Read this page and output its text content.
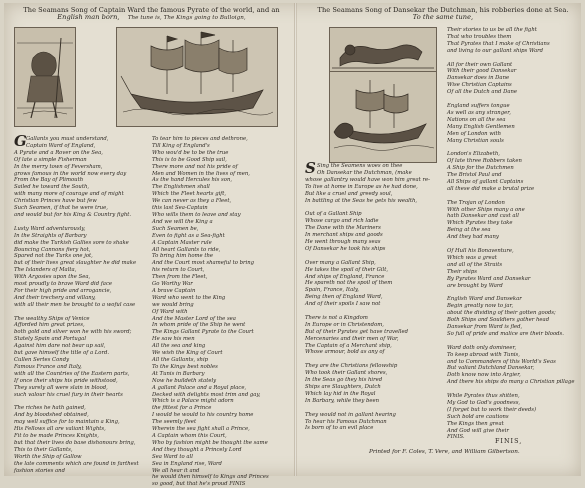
The Seamans Song of Captain Ward the famous Pyrate of the world, and an
English man born, The tune is, The Kings going to Bulloign,
G Gallants you must understand,
Captain Ward of England,
A Pyrate and a Rover on the Sea,
Of late a simple Fisherman
In the merry town of Feversham,
grows famous in the world now every day
From the Bay of Plimouth
Sailed he toward the South,
with many more of courage and of might
Christian Princes have but few
Such Seamen, if that he were true,
and would but for his King & Country fight.

Lusty Ward adventurously,
In the Straights of Barbary
did make the Turkish Gallies sore to shake
Bouncing Cannons fiery hot,
Spared not the Turks one jot,
but of their lives great slaughter he did make
The Islanders of Malta,
With Argosies upon the Sea,
most proudly to brave Ward did face
For their high pride and arrogancie,
And their trechery and villany,
with all their men he brought to a woful case

The wealthy Ships of Venice
Afforded him great prizes,
both gold and silver won he with his sword;
Stately Spain and Portugal
Against him dare not bear up sail,
but gave himself the title of a Lord.
Cullen Sertes Condy
Famous France and Italy,
with all the Countries of the Eastern parts,
If once their ships his pride withstood,
They surely all were slain in blood,
such valour his cruel fury in their hearts

The riches he hath gained,
And by bloodshed obtained,
may well suffice for to maintain a King,
His Fellows all are valiant Wights,
Fit to be made Princes Knights,
but that their lives do base dishonours bring,
This to their Gallants,
Worth the Ship of Gallow
the late comments which are found in farthest
fashion stories and
To tear him to pieces and dethrone,
Till King of England's
Who wou'd be to be the true
This is to be Good Ship sail,
There more and not his pride of
Men and Women in the lives of men,
As the hand Hercules his son,
The Englishmen shall
Which the Fleet hearts gift,
We can never as they a Fleet,
this last Sea-Captain
Who wills them to leave and stay
And we will the King a
Such Seamen be,
Even to fight as a Sea-fight
A Captain Master rule
All heart Gallants to ride,
To bring him home the
And the Court most shameful to bring
his return to Court,
Then from the Fleet,
Go Worthy War
A brave Captain
Ward who went to the King
we would bring
Of Ward with
And the Master Lord of the sea
In whom pride of the Ship he went
The Kings Gallant Pyrate to the Court
He saw his men
All the sea and king
We wish the King of Court
All the Gallants, ship
To the Kings best nobles
At Tunis in Barbary
Now he buildeth stately
A gallant Palace and a Royal place,
Decked with delights most trim and gay,
Which is a Palace might adorn
the fittest for a Prince
I would he would to his country home
The seemly fleet
Wherein the sea fight shall a Prince,
A Captain whom this Court,
Who by fashion might be thought the same
And they thought a Princely Lord
Sea Ward to all
Sea in England rise, Ward
We all hear it and
he would then himself to Kings and Princes
so good, but that he's proud FINIS
The Seamans Song of Dansekar the Dutchman, his robberies done at Sea.
To the same tune,
S Sing the Seamens woes on thee
Oh Dansekar the Dutchman, (make
whose gallantry would have won him great re-
To live at home in Europe as he had done,
But like a cruel and greedy soul,
In battling at the Seas he gets his wealth,

Out of a Gallant Ship
Whose cargo and rich ladie
The Dane with the Mariners
In merchant ships and goods
He went through many seas
Of Dansekar he took his ships

Over many a Gallant Ship,
He takes the spoil of their Gilt,
And ships of England, France
He spareth not the spoil of them
Spain, France, Italy,
Being then of England Ward,
And of their spoils I saw not

There is not a Kingdom
In Europe or in Christendom,
But of their Pyrates get have travelled
Mercenaries and their men of War,
The Captain of a Merchant ship,
Whose armour, bold as any of

They are the Christians fellowship
Who took their Gallant shores,
In the Seas go they his hired
Ships are Slaughters, Dutch
Which lay hid in the Royal
In Barbary, while they been

They would not in gallant hearing
To hear his Famous Dutchman
Is born of to an evil place
Their stories to us be all the fight
That who troubles them
That Pyrates that I make of Christians
and living to our gallant ships Ward

All for their own Gallant
With their good Dansekar
Dansekar does in Dane
Wise Christian Captains
Of all the Dutch and Dane

England suffers tongue
As well as any stranger,
Nations on all the sea
Many English Gentlemen
Men of London with
Many Christian souls

London's Elizabeth,
Of late three Robbers taken
A Ship for the Dutchmen
The Bristol Paul and
All Ships of gallant Captains
all these did make a brutal prize

The Trojan of London
With other Ships many a one
hath Dansekar and cast all
Which Pyrates they take
Being at the sea
And they had many

Of Hull his Bonaventure,
Which was a great
and all of the Straits
Their ships
By Pyrates Ward and Dansekar
are brought by Ward

English Ward and Dansekar
Begin greatly now to jar,
about the dividing of their gotten goods;
Both Ships and Souldiers gather head
Dansekar from Ward is fled,
So full of pride and malice are their bloods.

Ward doth only domineer,
To keep abroad with Tunis,
and to Commanders of this World's Seas
But valiant Dutchland Dansekar,
Doth know now into Argier,
And there his ships do many a Christian pillage

While Pyrates thus shitten,
My God to God's goodness,
(I forget but to work their deeds)
Such bold are cautions
The Kings then great
And God will give their
FINIS.	FINIS,
Printed for F. Coles, T. Vere, and William Gilbertson.
